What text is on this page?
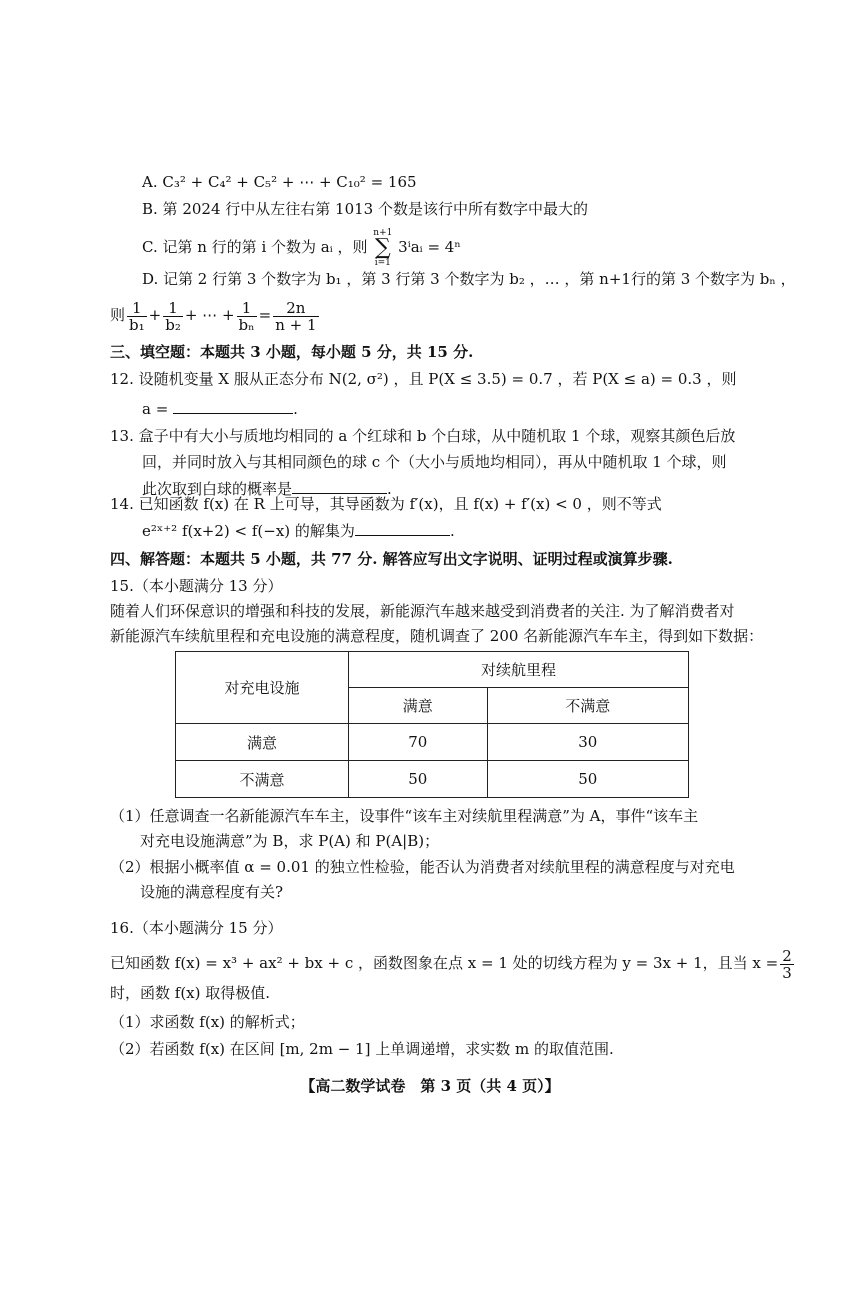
A. C₃² + C₄² + C₅² + ⋯ + C₁₀² = 165
B. 第 2024 行中从左往右第 1013 个数是该行中所有数字中最大的
C. 记第 n 行的第 i 个数为 aᵢ ，则 n+1
∑
i=1 3ⁱaᵢ = 4ⁿ
D. 记第 2 行第 3 个数字为 b₁ ，第 3 行第 3 个数字为 b₂ ，… ，第 n+1行的第 3 个数字为 bₙ ，
则 $\frac{1}{\text{b₁}} + \frac{1}{\text{b₂}}$ + ⋯ + $\frac{1}{\text{bₙ}} = \frac{2n}{n + 1}$
三、填空题：本题共 3 小题，每小题 5 分，共 15 分.
12. 设随机变量 X 服从正态分布 N(2, σ²) ，且 P(X ≤ 3.5) = 0.7 ，若 P(X ≤ a) = 0.3 ，则
a =	.
13. 盒子中有大小与质地均相同的 a 个红球和 b 个白球，从中随机取 1 个球，观察其颜色后放
回，并同时放入与其相同颜色的球 c 个（大小与质地均相同），再从中随机取 1 个球，则
此次取到白球的概率是	.
14. 已知函数 f(x) 在 R 上可导，其导函数为 f′(x)，且 f(x) + f′(x) < 0 ，则不等式
e²ˣ⁺² f(x+2) < f(−x) 的解集为	.
四、解答题：本题共 5 小题，共 77 分. 解答应写出文字说明、证明过程或演算步骤.
15.（本小题满分 13 分）
随着人们环保意识的增强和科技的发展，新能源汽车越来越受到消费者的关注. 为了解消费者对
新能源汽车续航里程和充电设施的满意程度，随机调查了 200 名新能源汽车车主，得到如下数据：
对充电设施	对续航里程	
	满意	不满意
满意	70	30
不满意	50	50
（1）任意调查一名新能源汽车车主，设事件“该车主对续航里程满意”为 A，事件“该车主
对充电设施满意”为 B，求 P(A) 和 P(A|B)；
（2）根据小概率值 α = 0.01 的独立性检验，能否认为消费者对续航里程的满意程度与对充电
设施的满意程度有关?
16.（本小题满分 15 分）
已知函数 f(x) = x³ + ax² + bx + c ，函数图象在点 x = 1 处的切线方程为 y = 3x + 1，且当 $x = \frac{2}{3}$
时，函数 f(x) 取得极值.
（1）求函数 f(x) 的解析式；
（2）若函数 f(x) 在区间 [m, 2m − 1] 上单调递增，求实数 m 的取值范围.
【高二数学试卷　第 3 页（共 4 页）】
